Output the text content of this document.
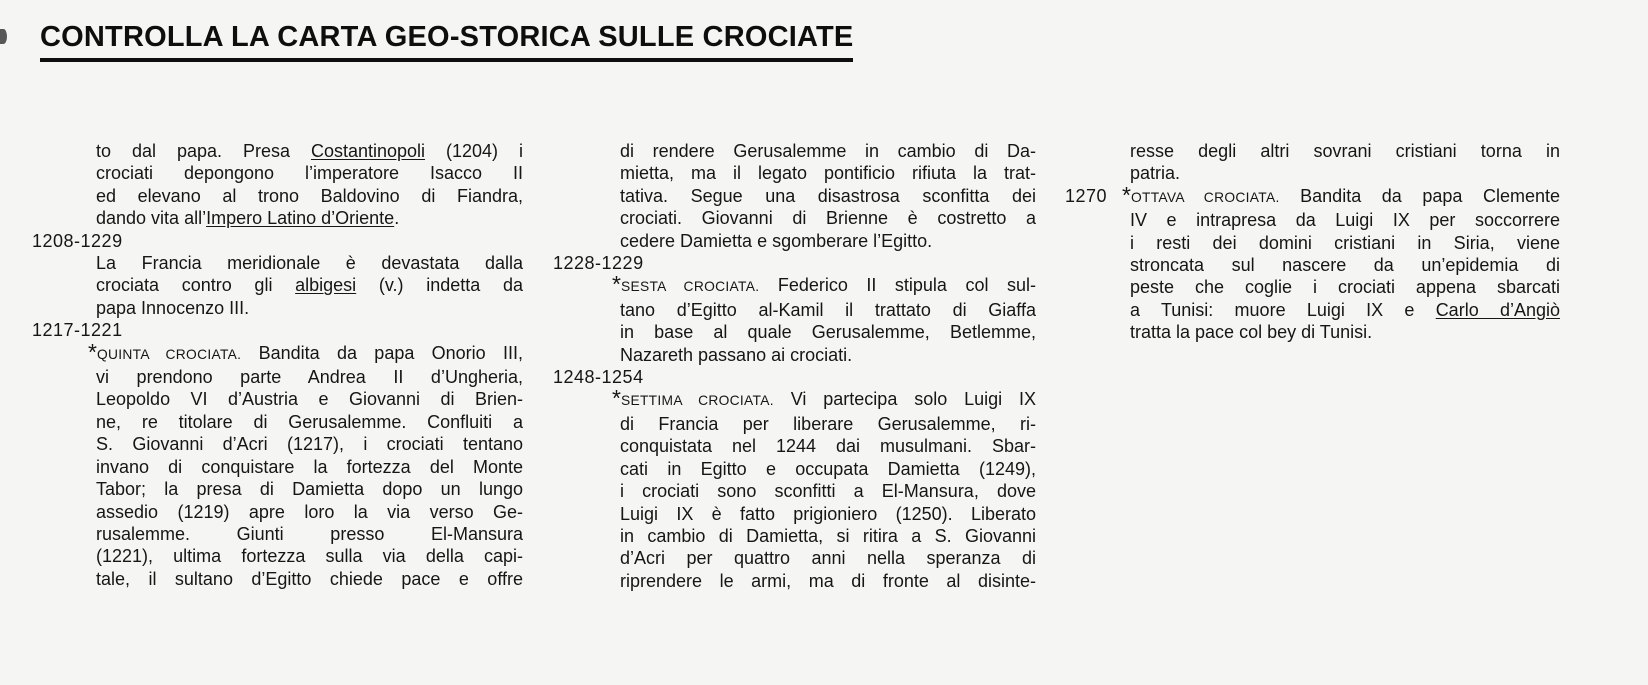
CONTROLLA LA CARTA GEO-STORICA SULLE CROCIATE
to dal papa. Presa Costantinopoli (1204) i
crociati depongono l’imperatore Isacco II
ed elevano al trono Baldovino di Fiandra,
dando vita all’Impero Latino d’Oriente.
1208-1229
La Francia meridionale è devastata dalla
crociata contro gli albigesi (v.) indetta da
papa Innocenzo III.
1217-1221
*QUINTA CROCIATA. Bandita da papa Onorio III,
vi prendono parte Andrea II d’Ungheria,
Leopoldo VI d’Austria e Giovanni di Brien-
ne, re titolare di Gerusalemme. Confluiti a
S. Giovanni d’Acri (1217), i crociati tentano
invano di conquistare la fortezza del Monte
Tabor; la presa di Damietta dopo un lungo
assedio (1219) apre loro la via verso Ge-
rusalemme. Giunti presso El-Mansura
(1221), ultima fortezza sulla via della capi-
tale, il sultano d’Egitto chiede pace e offre
di rendere Gerusalemme in cambio di Da-
mietta, ma il legato pontificio rifiuta la trat-
tativa. Segue una disastrosa sconfitta dei
crociati. Giovanni di Brienne è costretto a
cedere Damietta e sgomberare l’Egitto.
1228-1229
*SESTA CROCIATA. Federico II stipula col sul-
tano d’Egitto al-Kamil il trattato di Giaffa
in base al quale Gerusalemme, Betlemme,
Nazareth passano ai crociati.
1248-1254
*SETTIMA CROCIATA. Vi partecipa solo Luigi IX
di Francia per liberare Gerusalemme, ri-
conquistata nel 1244 dai musulmani. Sbar-
cati in Egitto e occupata Damietta (1249),
i crociati sono sconfitti a El-Mansura, dove
Luigi IX è fatto prigioniero (1250). Liberato
in cambio di Damietta, si ritira a S. Giovanni
d’Acri per quattro anni nella speranza di
riprendere le armi, ma di fronte al disinte-
resse degli altri sovrani cristiani torna in
patria.
1270 *OTTAVA CROCIATA. Bandita da papa Clemente
IV e intrapresa da Luigi IX per soccorrere
i resti dei domini cristiani in Siria, viene
stroncata sul nascere da un’epidemia di
peste che coglie i crociati appena sbarcati
a Tunisi: muore Luigi IX e Carlo d’Angiò
tratta la pace col bey di Tunisi.
